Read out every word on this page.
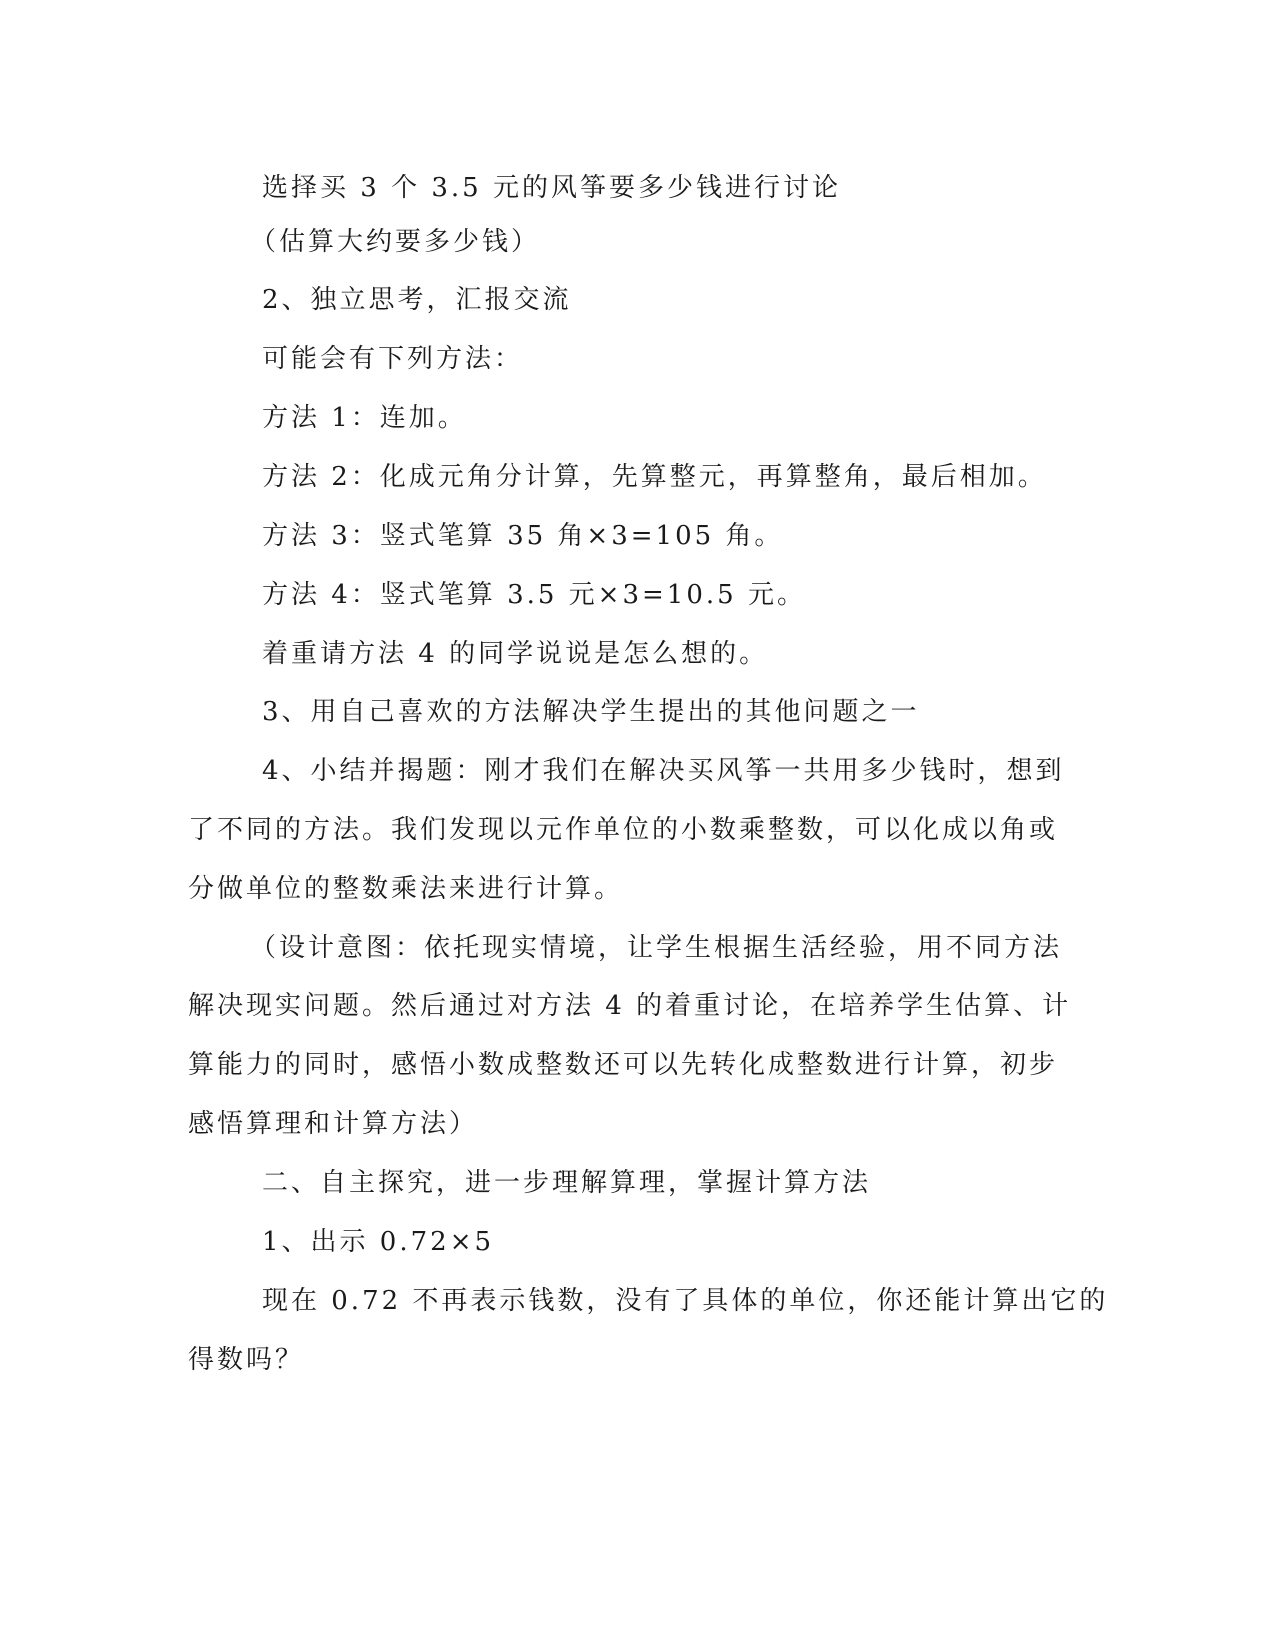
选择买 3 个 3.5 元的风筝要多少钱进行讨论

（估算大约要多少钱）

2、独立思考，汇报交流

可能会有下列方法：

方法 1：连加。

方法 2：化成元角分计算，先算整元，再算整角，最后相加。

方法 3：竖式笔算 35 角×3=105 角。

方法 4：竖式笔算 3.5 元×3=10.5 元。

着重请方法 4 的同学说说是怎么想的。

3、用自己喜欢的方法解决学生提出的其他问题之一

4、小结并揭题：刚才我们在解决买风筝一共用多少钱时，想到

了不同的方法。我们发现以元作单位的小数乘整数，可以化成以角或

分做单位的整数乘法来进行计算。

（设计意图：依托现实情境，让学生根据生活经验，用不同方法

解决现实问题。然后通过对方法 4 的着重讨论，在培养学生估算、计

算能力的同时，感悟小数成整数还可以先转化成整数进行计算，初步

感悟算理和计算方法）

二、自主探究，进一步理解算理，掌握计算方法

1、出示 0.72×5

现在 0.72 不再表示钱数，没有了具体的单位，你还能计算出它的

得数吗？
